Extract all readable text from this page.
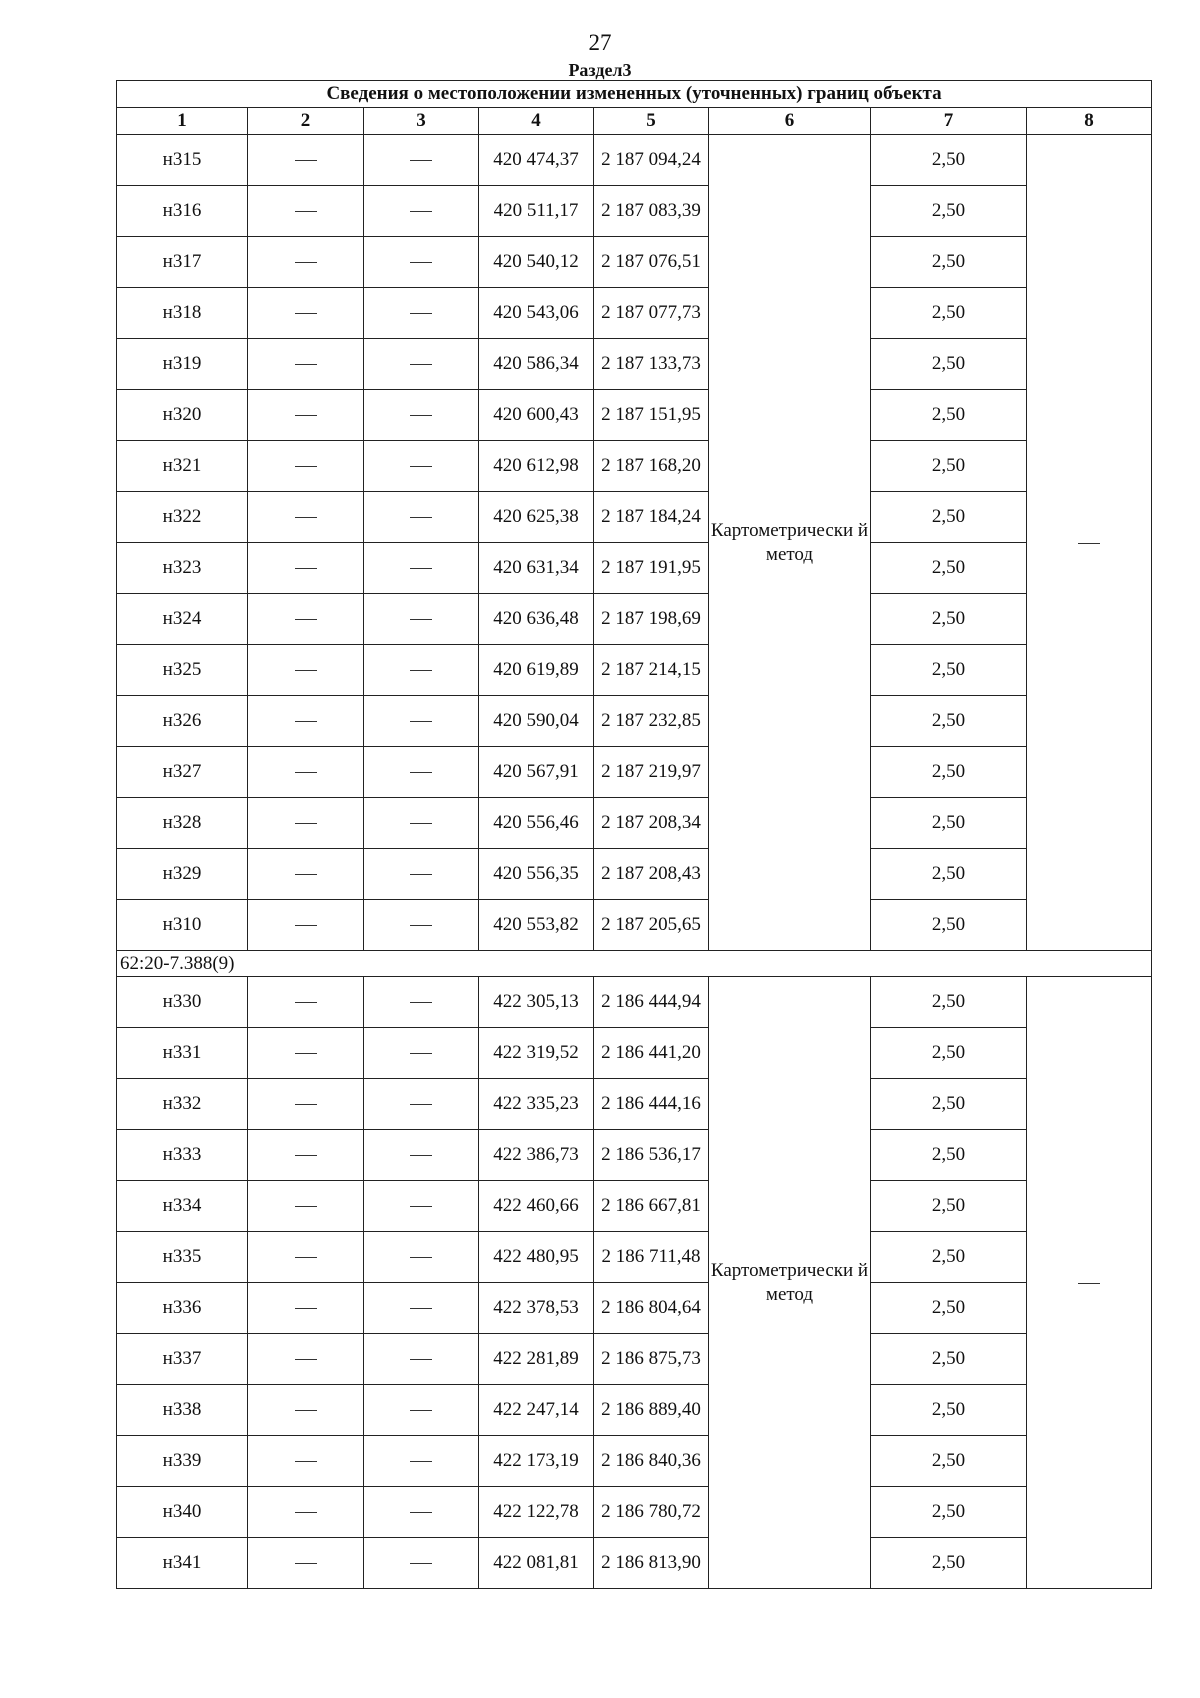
27
Раздел3
Сведения о местоположении измененных (уточненных) границ объекта							
1	2	3	4	5	6	7	8
н315			420 474,37	2 187 094,24	Картометрически й метод	2,50	
н316			420 511,17	2 187 083,39		2,50	
н317			420 540,12	2 187 076,51		2,50	
н318			420 543,06	2 187 077,73		2,50	
н319			420 586,34	2 187 133,73		2,50	
н320			420 600,43	2 187 151,95		2,50	
н321			420 612,98	2 187 168,20		2,50	
н322			420 625,38	2 187 184,24		2,50	
н323			420 631,34	2 187 191,95		2,50	
н324			420 636,48	2 187 198,69		2,50	
н325			420 619,89	2 187 214,15		2,50	
н326			420 590,04	2 187 232,85		2,50	
н327			420 567,91	2 187 219,97		2,50	
н328			420 556,46	2 187 208,34		2,50	
н329			420 556,35	2 187 208,43		2,50	
н310			420 553,82	2 187 205,65		2,50	
62:20-7.388(9)							
н330			422 305,13	2 186 444,94	Картометрически й метод	2,50	
н331			422 319,52	2 186 441,20		2,50	
н332			422 335,23	2 186 444,16		2,50	
н333			422 386,73	2 186 536,17		2,50	
н334			422 460,66	2 186 667,81		2,50	
н335			422 480,95	2 186 711,48		2,50	
н336			422 378,53	2 186 804,64		2,50	
н337			422 281,89	2 186 875,73		2,50	
н338			422 247,14	2 186 889,40		2,50	
н339			422 173,19	2 186 840,36		2,50	
н340			422 122,78	2 186 780,72		2,50	
н341			422 081,81	2 186 813,90		2,50	
